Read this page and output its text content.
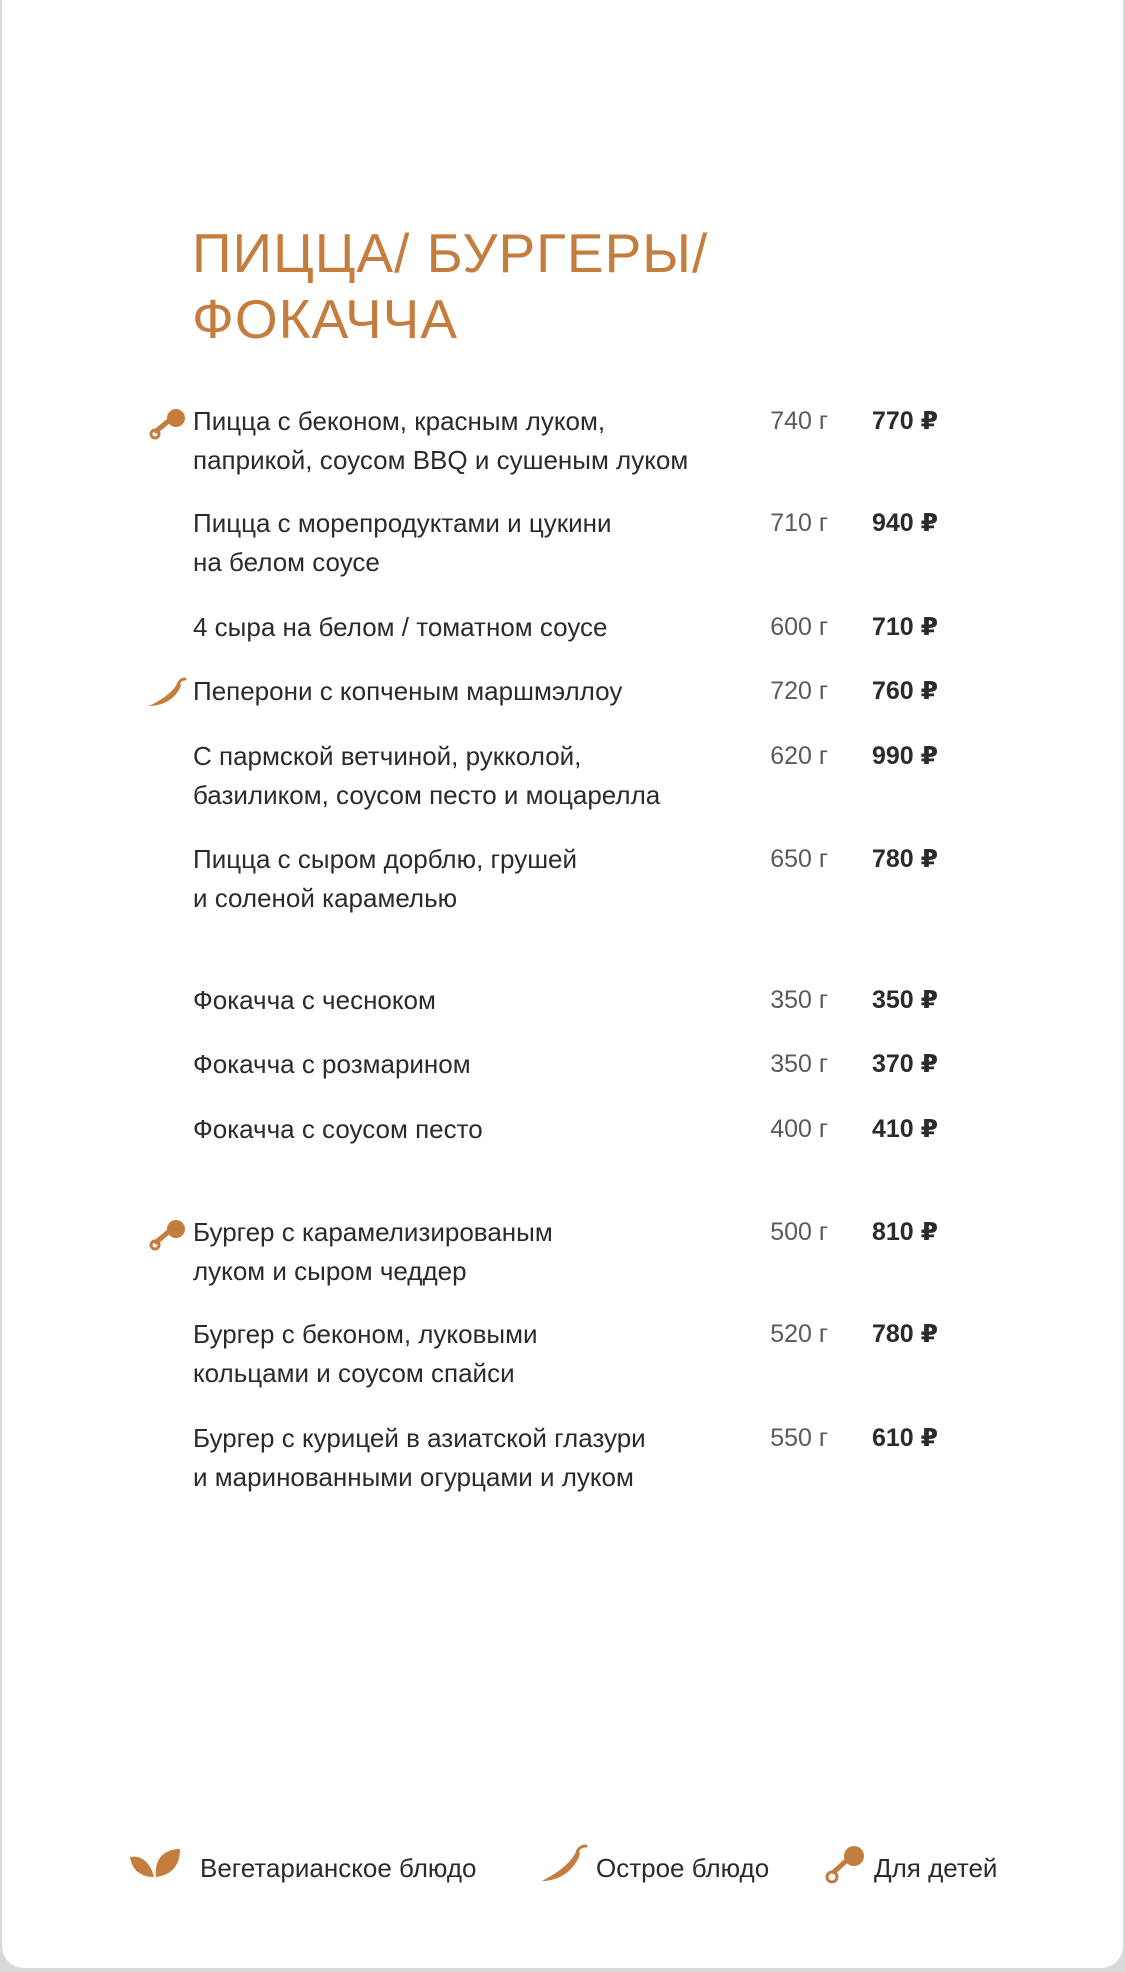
ПИЦЦА/ БУРГЕРЫ/
ФОКАЧЧА
Пицца с беконом, красным луком,
паприкой, соусом BBQ и сушеным луком
740 г	770 ₽
Пицца с морепродуктами и цукини
на белом соусе
710 г	940 ₽
4 сыра на белом / томатном соусе	600 г	710 ₽
Пеперони с копченым маршмэллоу	720 г	760 ₽
С пармской ветчиной, рукколой,
базиликом, соусом песто и моцарелла
620 г	990 ₽
Пицца с сыром дорблю, грушей
и соленой карамелью
650 г	780 ₽
Фокачча с чесноком	350 г	350 ₽
Фокачча с розмарином	350 г	370 ₽
Фокачча с соусом песто	400 г	410 ₽
Бургер с карамелизированым
луком и сыром чеддер
500 г	810 ₽
Бургер с беконом, луковыми
кольцами и соусом спайси
520 г	780 ₽
Бургер с курицей в азиатской глазури
и маринованными огурцами и луком
550 г	610 ₽
Вегетарианское блюдо	Острое блюдо	Для детей
